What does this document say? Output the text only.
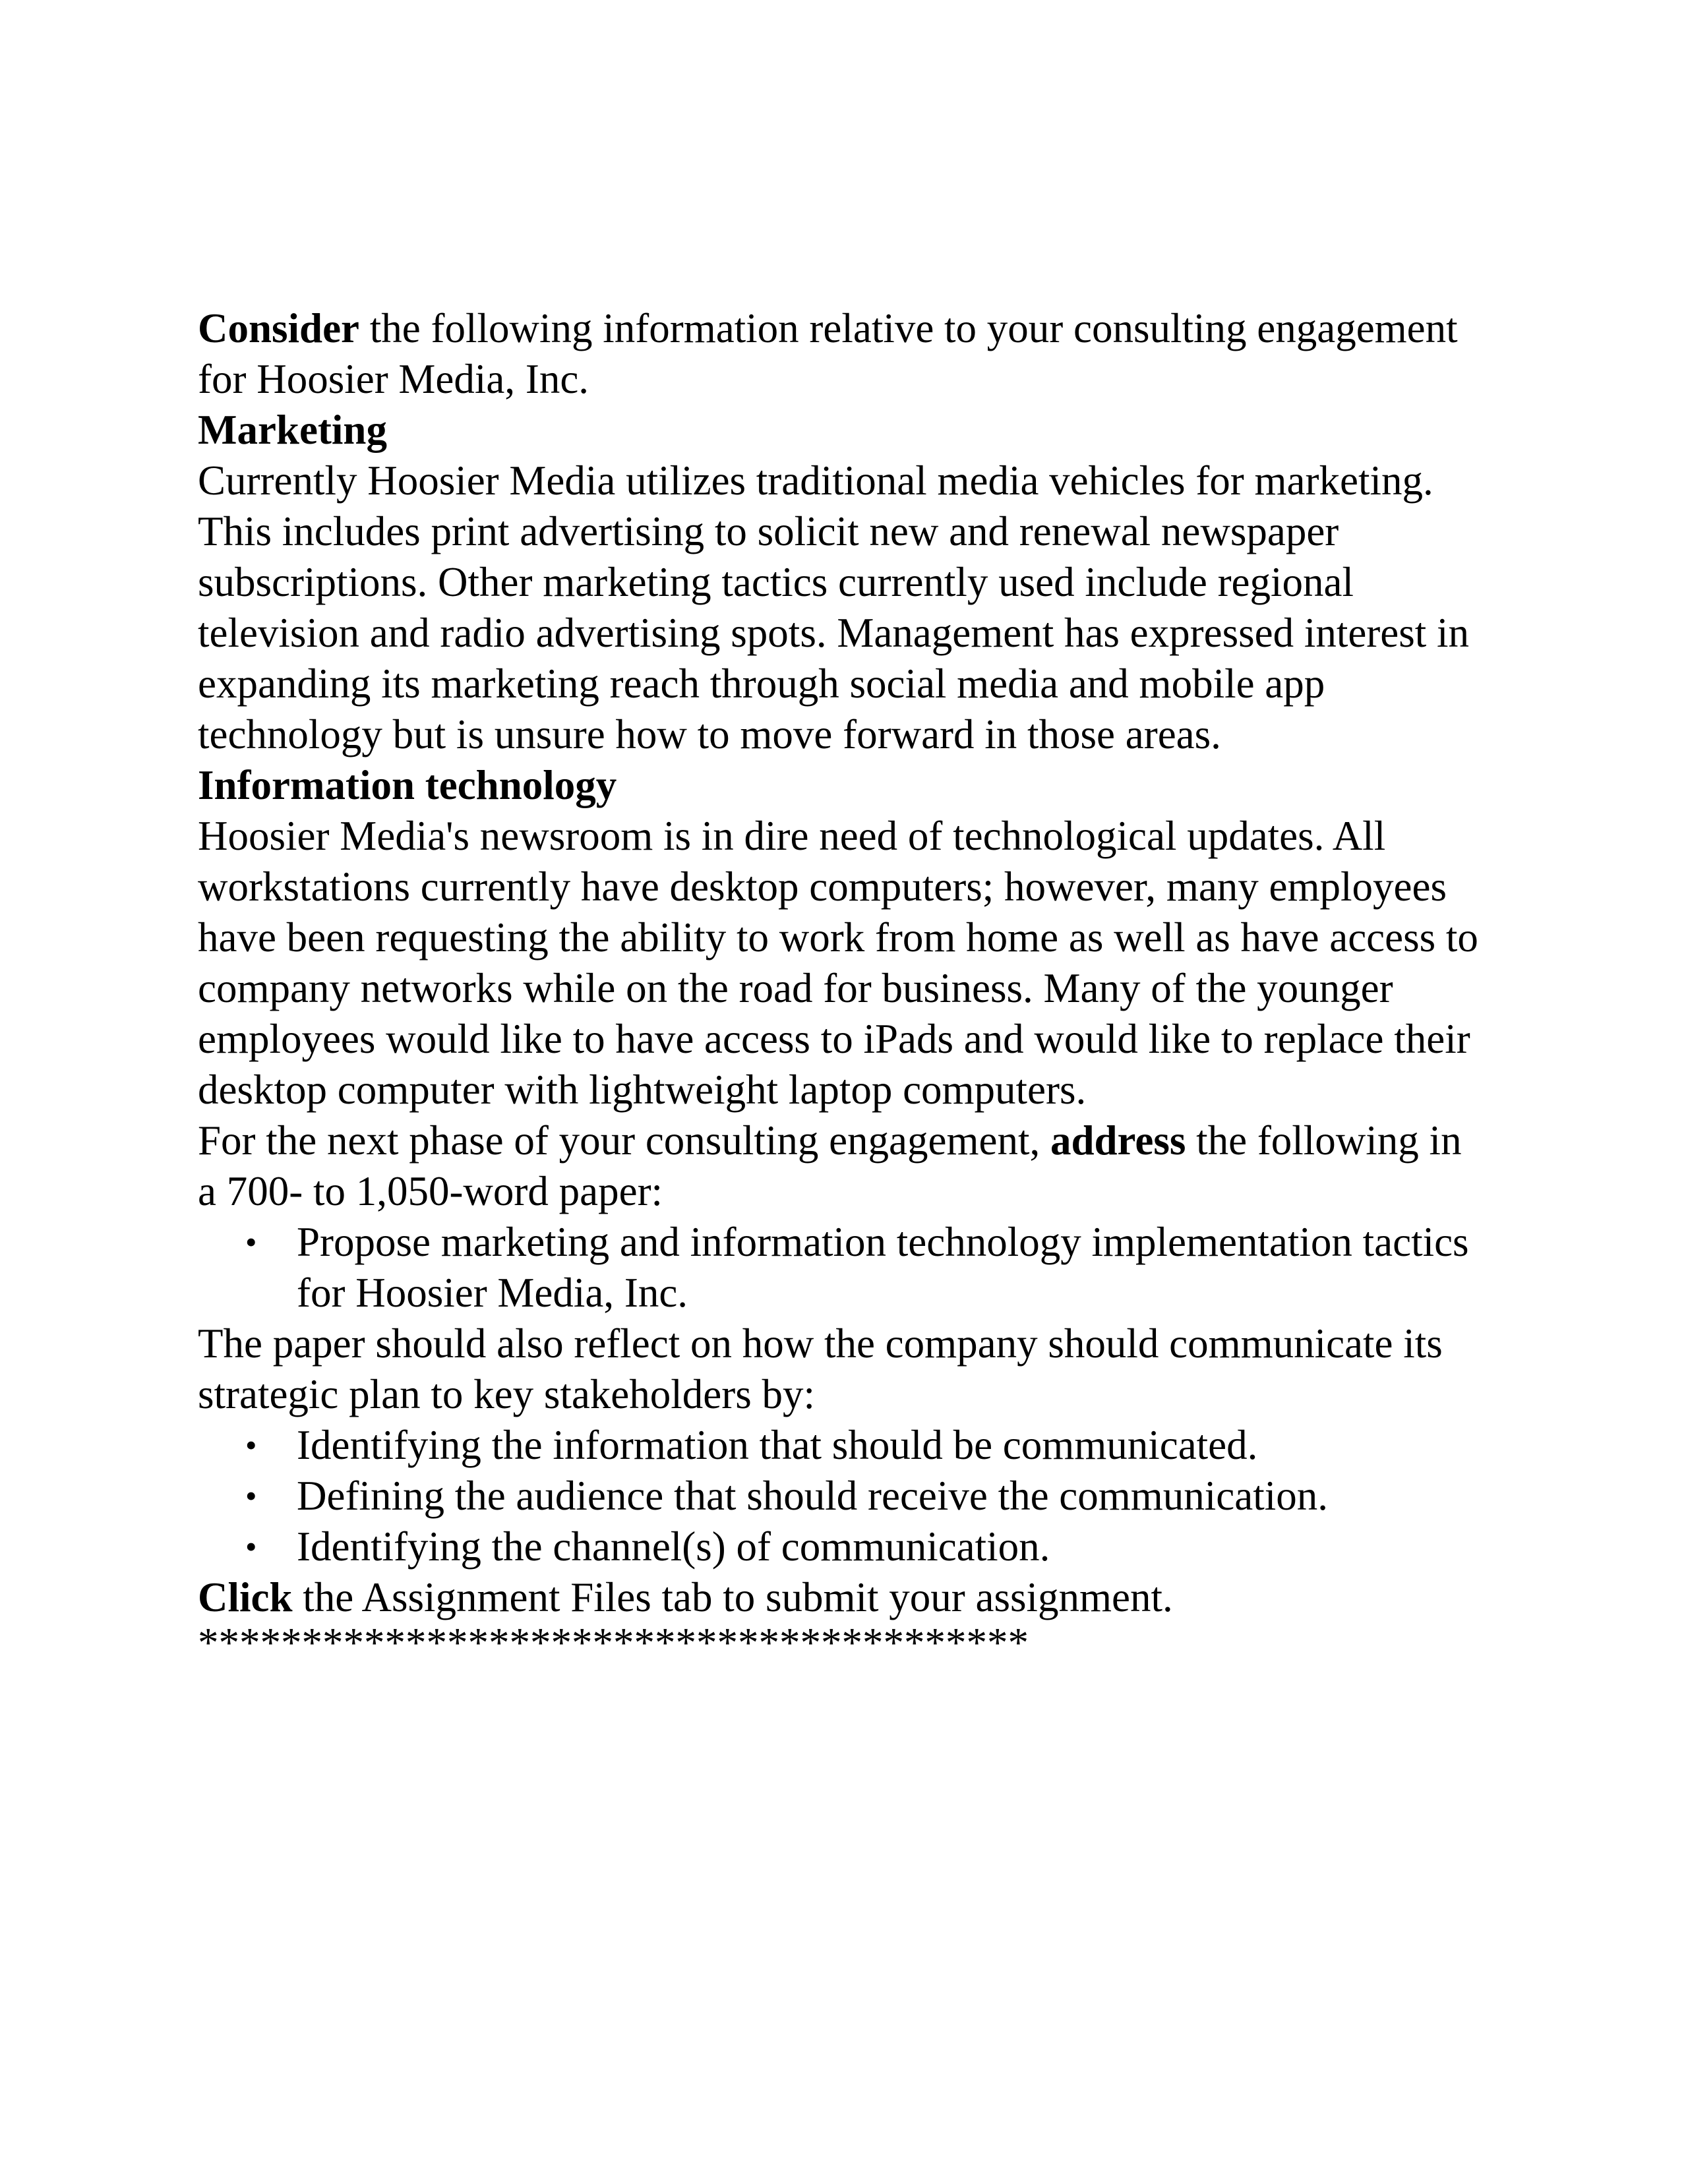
Consider the following information relative to your consulting engagement for Hoosier Media, Inc.

Marketing

Currently Hoosier Media utilizes traditional media vehicles for marketing. This includes print advertising to solicit new and renewal newspaper subscriptions. Other marketing tactics currently used include regional television and radio advertising spots. Management has expressed interest in expanding its marketing reach through social media and mobile app technology but is unsure how to move forward in those areas.

Information technology

Hoosier Media's newsroom is in dire need of technological updates. All workstations currently have desktop computers; however, many employees have been requesting the ability to work from home as well as have access to company networks while on the road for business. Many of the younger employees would like to have access to iPads and would like to replace their desktop computer with lightweight laptop computers.

For the next phase of your consulting engagement, address the following in a 700- to 1,050-word paper:

• Propose marketing and information technology implementation tactics for Hoosier Media, Inc.

The paper should also reflect on how the company should communicate its strategic plan to key stakeholders by:

• Identifying the information that should be communicated.
• Defining the audience that should receive the communication.
• Identifying the channel(s) of communication.

Click the Assignment Files tab to submit your assignment.

****************************************
